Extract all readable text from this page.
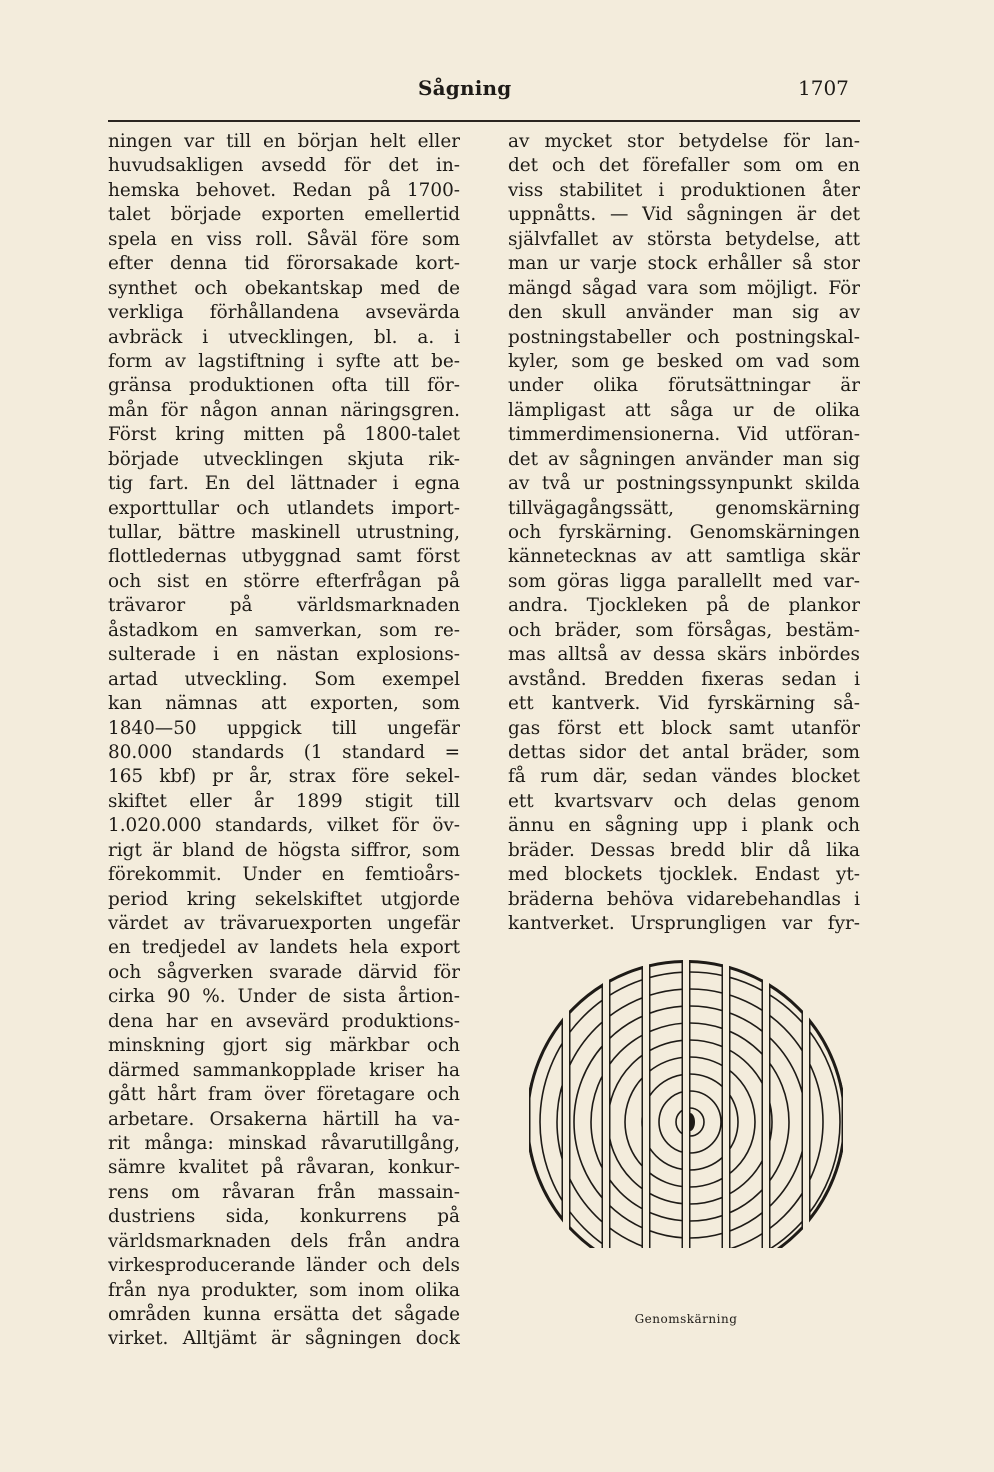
Sågning	1707
ningen var till en början helt eller
huvudsakligen avsedd för det in-
hemska behovet. Redan på 1700-
talet började exporten emellertid
spela en viss roll. Såväl före som
efter denna tid förorsakade kort-
synthet och obekantskap med de
verkliga förhållandena avsevärda
avbräck i utvecklingen, bl. a. i
form av lagstiftning i syfte att be-
gränsa produktionen ofta till för-
mån för någon annan näringsgren.
Först kring mitten på 1800-talet
började utvecklingen skjuta rik-
tig fart. En del lättnader i egna
exporttullar och utlandets import-
tullar, bättre maskinell utrustning,
flottledernas utbyggnad samt först
och sist en större efterfrågan på
trävaror på världsmarknaden
åstadkom en samverkan, som re-
sulterade i en nästan explosions-
artad utveckling. Som exempel
kan nämnas att exporten, som
1840—50 uppgick till ungefär
80.000 standards (1 standard =
165 kbf) pr år, strax före sekel-
skiftet eller år 1899 stigit till
1.020.000 standards, vilket för öv-
rigt är bland de högsta siffror, som
förekommit. Under en femtioårs-
period kring sekelskiftet utgjorde
värdet av trävaruexporten ungefär
en tredjedel av landets hela export
och sågverken svarade därvid för
cirka 90 %. Under de sista årtion-
dena har en avsevärd produktions-
minskning gjort sig märkbar och
därmed sammankopplade kriser ha
gått hårt fram över företagare och
arbetare. Orsakerna härtill ha va-
rit många: minskad råvarutillgång,
sämre kvalitet på råvaran, konkur-
rens om råvaran från massain-
dustriens sida, konkurrens på
världsmarknaden dels från andra
virkesproducerande länder och dels
från nya produkter, som inom olika
områden kunna ersätta det sågade
virket. Alltjämt är sågningen dock
av mycket stor betydelse för lan-
det och det förefaller som om en
viss stabilitet i produktionen åter
uppnåtts. — Vid sågningen är det
självfallet av största betydelse, att
man ur varje stock erhåller så stor
mängd sågad vara som möjligt. För
den skull använder man sig av
postningstabeller och postningskal-
kyler, som ge besked om vad som
under olika förutsättningar är
lämpligast att såga ur de olika
timmerdimensionerna. Vid utföran-
det av sågningen använder man sig
av två ur postningssynpunkt skilda
tillvägagångssätt, genomskärning
och fyrskärning. Genomskärningen
kännetecknas av att samtliga skär
som göras ligga parallellt med var-
andra. Tjockleken på de plankor
och bräder, som försågas, bestäm-
mas alltså av dessa skärs inbördes
avstånd. Bredden fixeras sedan i
ett kantverk. Vid fyrskärning så-
gas först ett block samt utanför
dettas sidor det antal bräder, som
få rum där, sedan vändes blocket
ett kvartsvarv och delas genom
ännu en sågning upp i plank och
bräder. Dessas bredd blir då lika
med blockets tjocklek. Endast yt-
bräderna behöva vidarebehandlas i
kantverket. Ursprungligen var fyr-
Genomskärning
